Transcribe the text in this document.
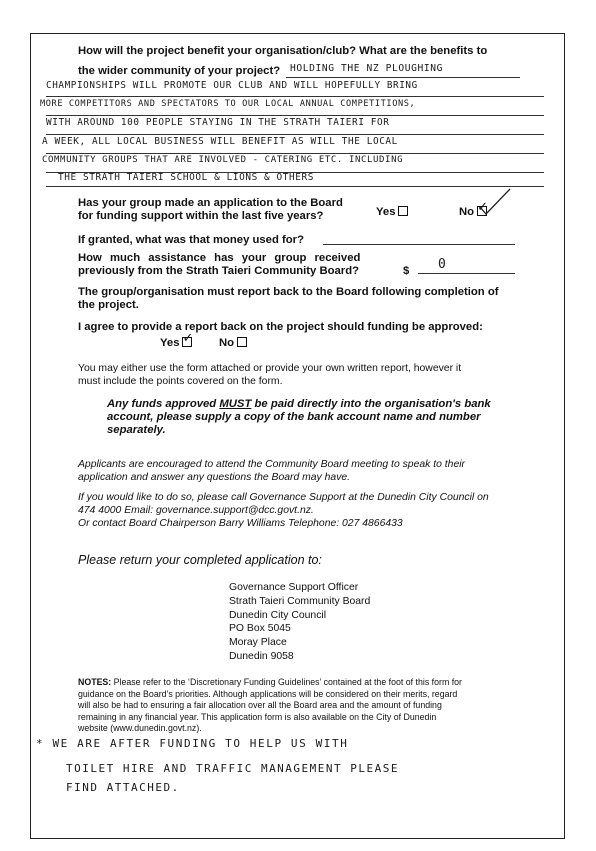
How will the project benefit your organisation/club? What are the benefits to
the wider community of your project? HOLDING THE NZ PLOUGHING
CHAMPIONSHIPS WILL PROMOTE OUR CLUB AND WILL HOPEFULLY BRING
MORE COMPETITORS AND SPECTATORS TO OUR LOCAL ANNUAL COMPETITIONS,
WITH AROUND 100 PEOPLE STAYING IN THE STRATH TAIERI FOR
A WEEK, ALL LOCAL BUSINESS WILL BENEFIT AS WILL THE LOCAL
COMMUNITY GROUPS THAT ARE INVOLVED - CATERING ETC. INCLUDING
THE STRATH TAIERI SCHOOL & LIONS & OTHERS
Has your group made an application to the Board
for funding support within the last five years?	Yes	No✓
If granted, what was that money used for?
How much assistance has your group received
previously from the Strath Taieri Community Board?	$ 0
The group/organisation must report back to the Board following completion of
the project.
I agree to provide a report back on the project should funding be approved:
Yes✓	No
You may either use the form attached or provide your own written report, however it
must include the points covered on the form.
Any funds approved MUST be paid directly into the organisation's bank
account, please supply a copy of the bank account name and number
separately.
Applicants are encouraged to attend the Community Board meeting to speak to their
application and answer any questions the Board may have.
If you would like to do so, please call Governance Support at the Dunedin City Council on
474 4000 Email: governance.support@dcc.govt.nz.
Or contact Board Chairperson Barry Williams Telephone: 027 4866433
Please return your completed application to:
Governance Support Officer
Strath Taieri Community Board
Dunedin City Council
PO Box 5045
Moray Place
Dunedin 9058
NOTES: Please refer to the ‘Discretionary Funding Guidelines’ contained at the foot of this form for
guidance on the Board’s priorities. Although applications will be considered on their merits, regard
will also be had to ensuring a fair allocation over all the Board area and the amount of funding
remaining in any financial year. This application form is also available on the City of Dunedin
website (www.dunedin.govt.nz).
* WE ARE AFTER FUNDING TO HELP US WITH
TOILET HIRE AND TRAFFIC MANAGEMENT PLEASE
FIND ATTACHED.
